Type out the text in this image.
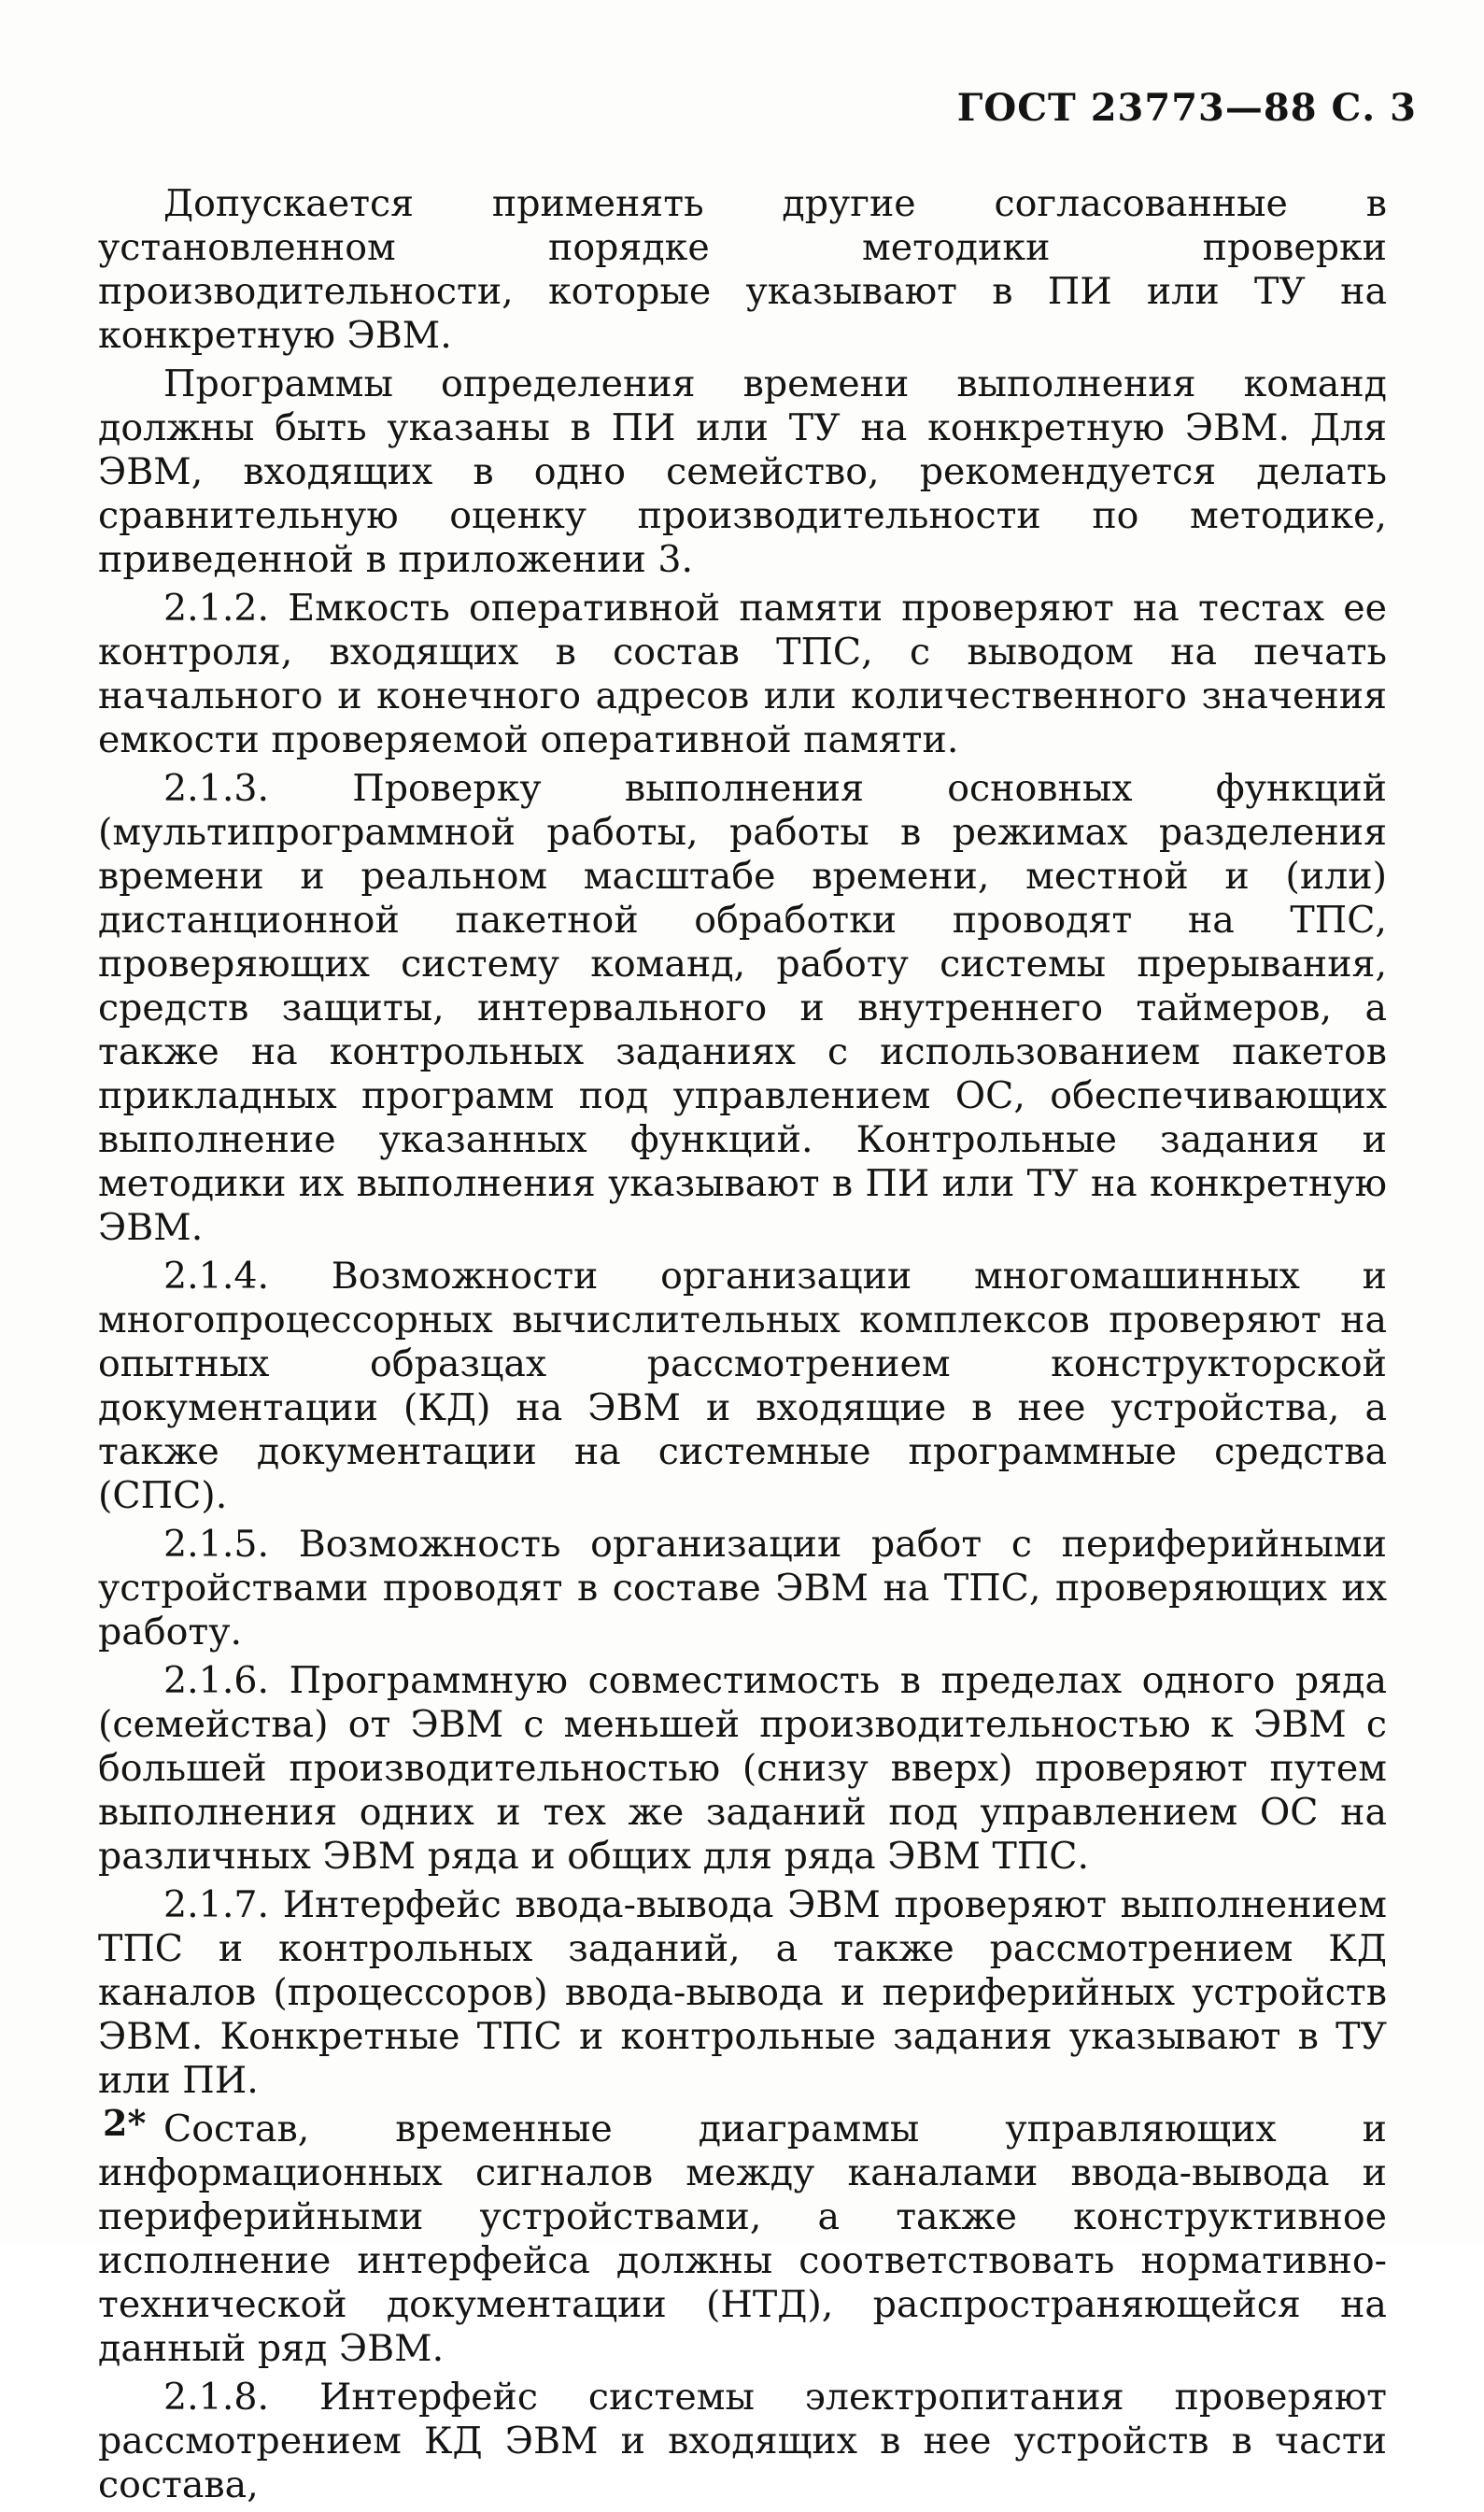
ГОСТ 23773—88 С. 3

Допускается применять другие согласованные в установленном порядке методики проверки производительности, которые указывают в ПИ или ТУ на конкретную ЭВМ.

Программы определения времени выполнения команд должны быть указаны в ПИ или ТУ на конкретную ЭВМ. Для ЭВМ, входящих в одно семейство, рекомендуется делать сравнительную оценку производительности по методике, приведенной в приложении 3.

2.1.2. Емкость оперативной памяти проверяют на тестах ее контроля, входящих в состав ТПС, с выводом на печать начального и конечного адресов или количественного значения емкости проверяемой оперативной памяти.

2.1.3. Проверку выполнения основных функций (мультипрограммной работы, работы в режимах разделения времени и реальном масштабе времени, местной и (или) дистанционной пакетной обработки проводят на ТПС, проверяющих систему команд, работу системы прерывания, средств защиты, интервального и внутреннего таймеров, а также на контрольных заданиях с использованием пакетов прикладных программ под управлением ОС, обеспечивающих выполнение указанных функций. Контрольные задания и методики их выполнения указывают в ПИ или ТУ на конкретную ЭВМ.

2.1.4. Возможности организации многомашинных и многопроцессорных вычислительных комплексов проверяют на опытных образцах рассмотрением конструкторской документации (КД) на ЭВМ и входящие в нее устройства, а также документации на системные программные средства (СПС).

2.1.5. Возможность организации работ с периферийными устройствами проводят в составе ЭВМ на ТПС, проверяющих их работу.

2.1.6. Программную совместимость в пределах одного ряда (семейства) от ЭВМ с меньшей производительностью к ЭВМ с большей производительностью (снизу вверх) проверяют путем выполнения одних и тех же заданий под управлением ОС на различных ЭВМ ряда и общих для ряда ЭВМ ТПС.

2.1.7. Интерфейс ввода-вывода ЭВМ проверяют выполнением ТПС и контрольных заданий, а также рассмотрением КД каналов (процессоров) ввода-вывода и периферийных устройств ЭВМ. Конкретные ТПС и контрольные задания указывают в ТУ или ПИ.

Состав, временные диаграммы управляющих и информационных сигналов между каналами ввода-вывода и периферийными устройствами, а также конструктивное исполнение интерфейса должны соответствовать нормативно-технической документации (НТД), распространяющейся на данный ряд ЭВМ.

2.1.8. Интерфейс системы электропитания проверяют рассмотрением КД ЭВМ и входящих в нее устройств в части состава,

2*
